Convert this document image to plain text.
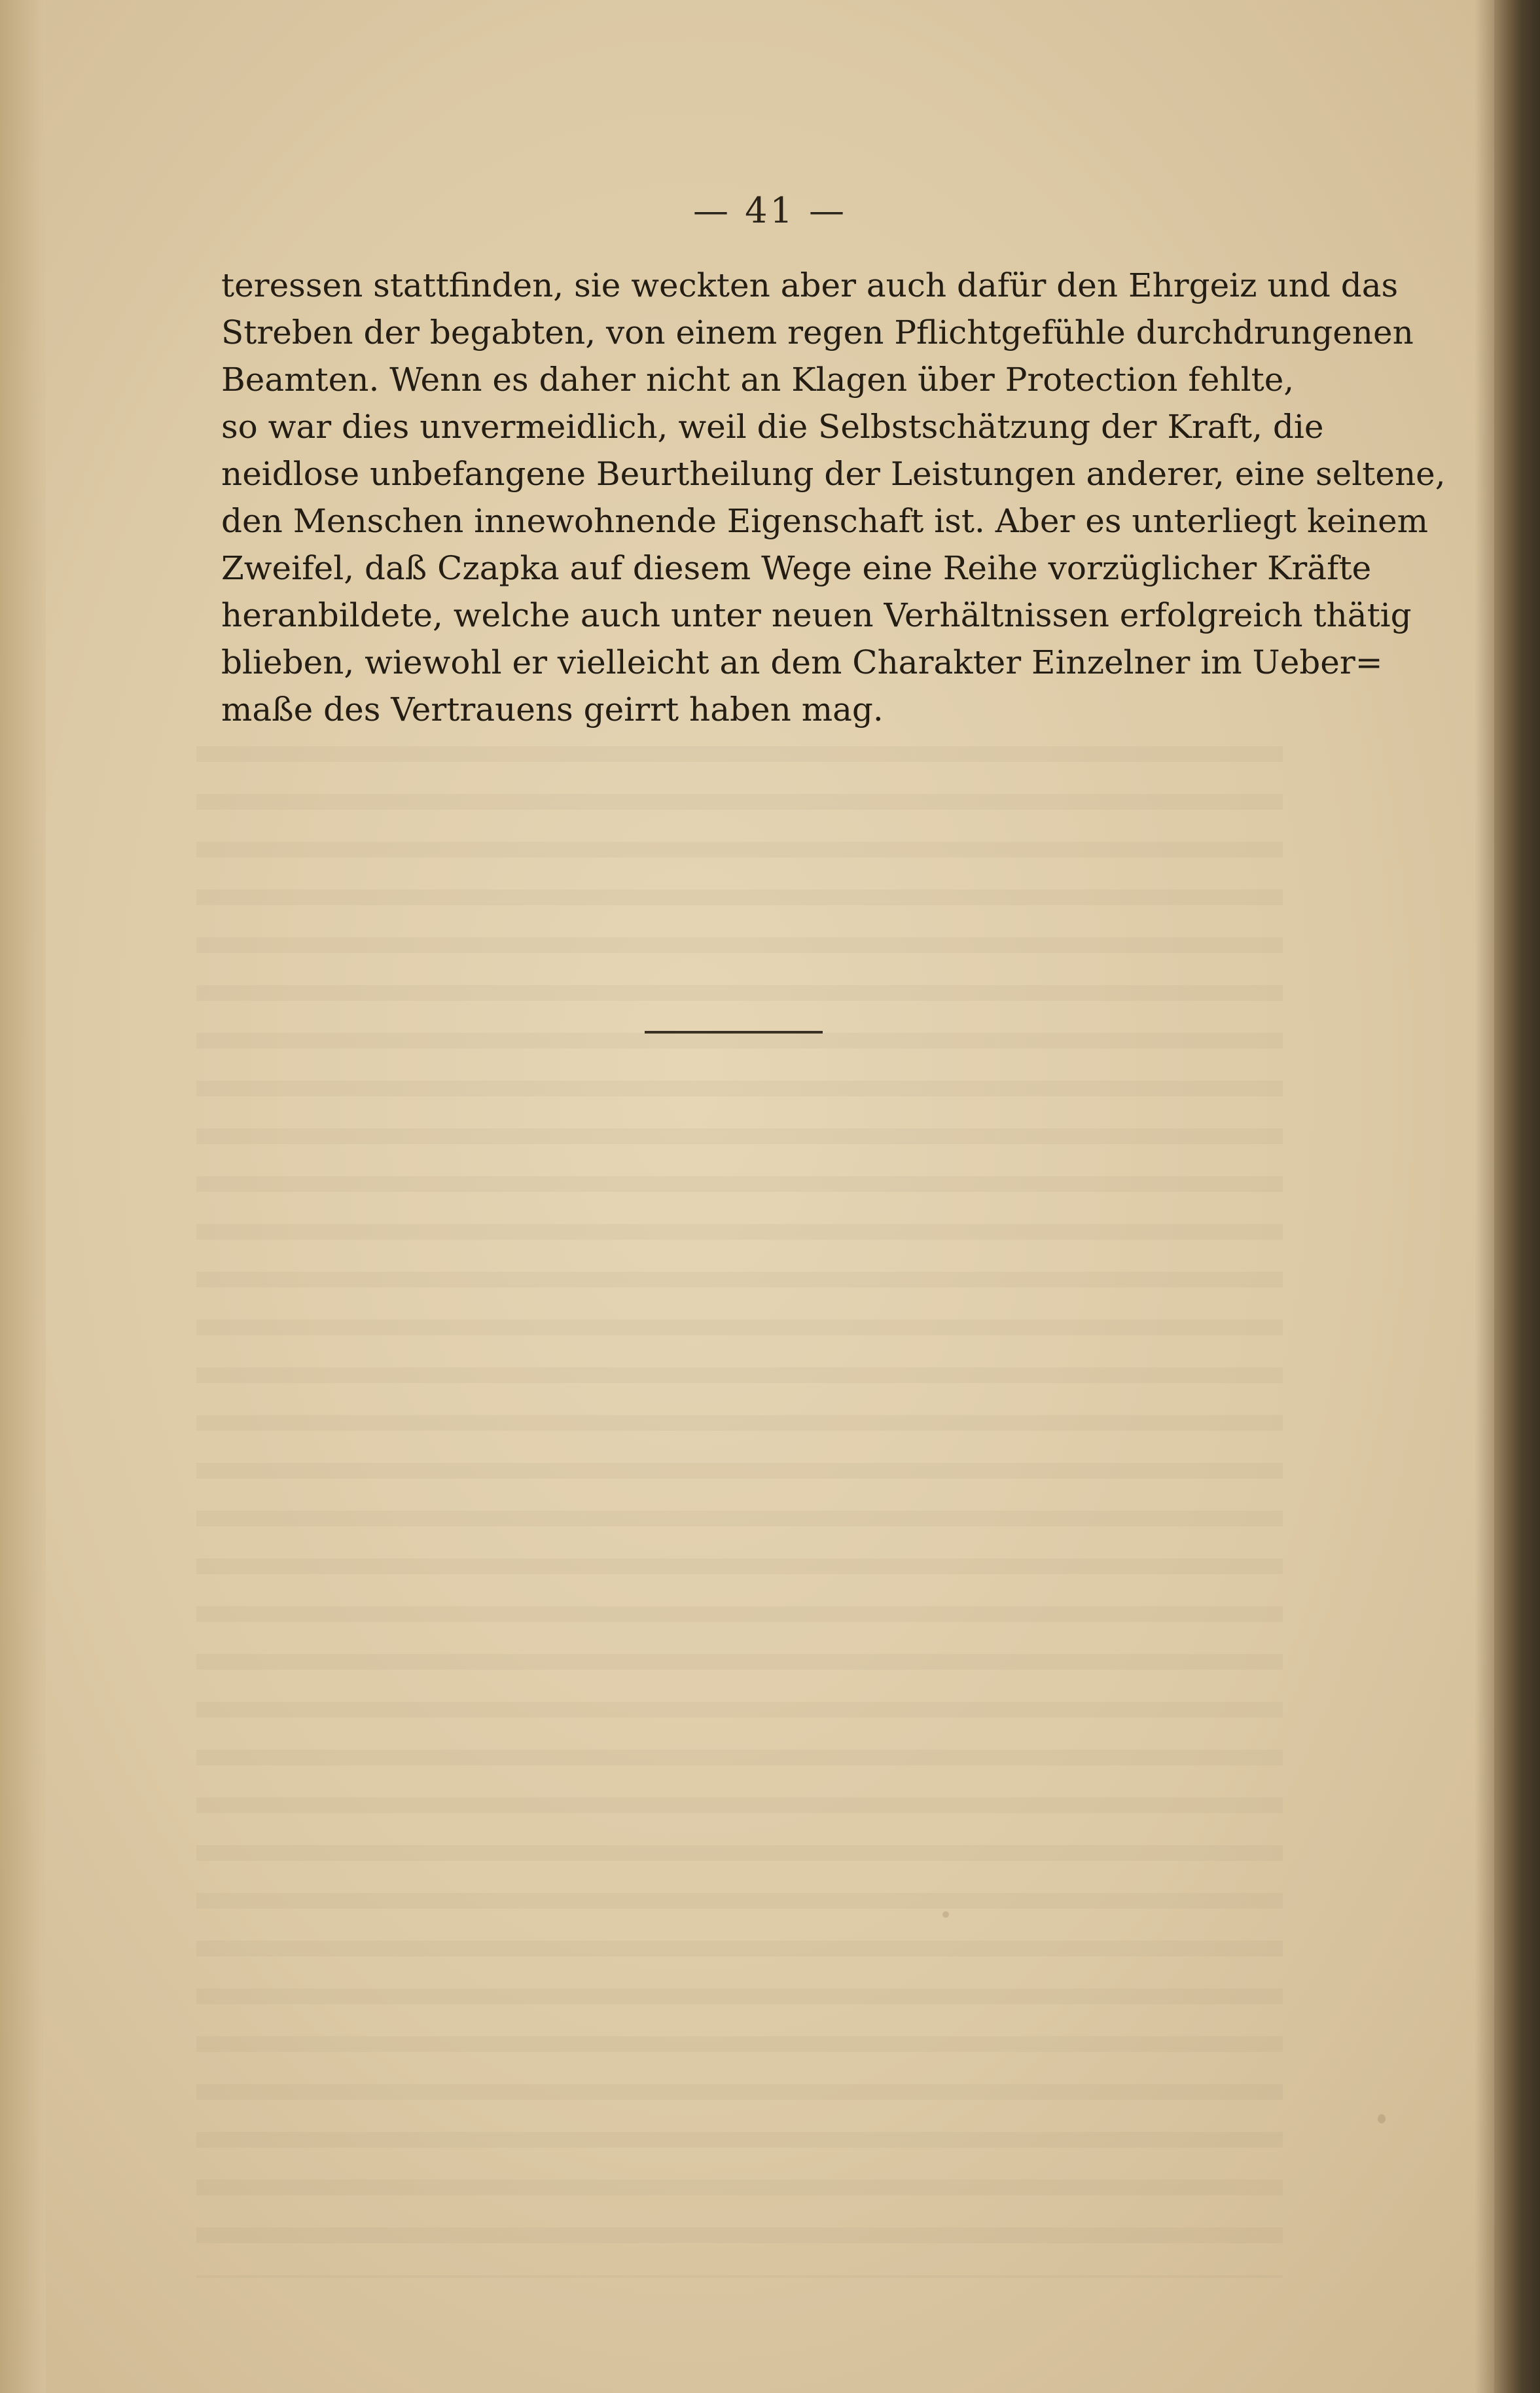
— 41 —
teressen stattfinden, sie weckten aber auch dafür den Ehrgeiz und das
Streben der begabten, von einem regen Pflichtgefühle durchdrungenen
Beamten. Wenn es daher nicht an Klagen über Protection fehlte,
so war dies unvermeidlich, weil die Selbstschätzung der Kraft, die
neidlose unbefangene Beurtheilung der Leistungen anderer, eine seltene,
den Menschen innewohnende Eigenschaft ist. Aber es unterliegt keinem
Zweifel, daß Czapka auf diesem Wege eine Reihe vorzüglicher Kräfte
heranbildete, welche auch unter neuen Verhältnissen erfolgreich thätig
blieben, wiewohl er vielleicht an dem Charakter Einzelner im Ueber=
maße des Vertrauens geirrt haben mag.
